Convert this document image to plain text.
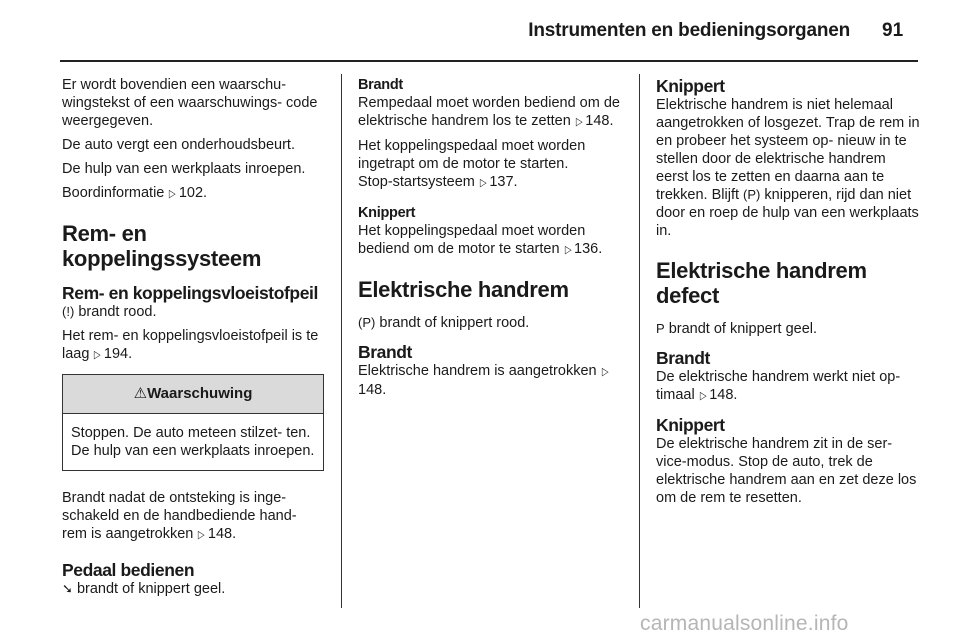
Instrumenten en bedieningsorganen 91

Er wordt bovendien een waarschu- wingstekst of een waarschuwings- code weergegeven.

De auto vergt een onderhoudsbeurt.

De hulp van een werkplaats inroepen.

Boordinformatie ▷ 102.

Rem- en koppelingssysteem
Rem- en koppelingsvloeistofpeil

(!) brandt rood.

Het rem- en koppelingsvloeistofpeil is te laag ▷ 194.

⚠Waarschuwing
Stoppen. De auto meteen stilzet- ten. De hulp van een werkplaats inroepen.

Brandt nadat de ontsteking is inge- schakeld en de handbediende hand- rem is aangetrokken ▷ 148.

Pedaal bedienen

➘ brandt of knippert geel.

Brandt

Rempedaal moet worden bediend om de elektrische handrem los te zetten ▷ 148.

Het koppelingspedaal moet worden ingetrapt om de motor te starten.

Stop-startsysteem ▷ 137.

Knippert

Het koppelingspedaal moet worden bediend om de motor te starten ▷ 136.

Elektrische handrem

(P) brandt of knippert rood.

Brandt

Elektrische handrem is aangetrokken ▷148.

Knippert

Elektrische handrem is niet helemaal aangetrokken of losgezet. Trap de rem in en probeer het systeem op- nieuw in te stellen door de elektrische handrem eerst los te zetten en daarna aan te trekken. Blijft (P) knipperen, rijd dan niet door en roep de hulp van een werkplaats in.

Elektrische handrem defect

P brandt of knippert geel.

Brandt

De elektrische handrem werkt niet op- timaal ▷ 148.

Knippert

De elektrische handrem zit in de ser- vice-modus. Stop de auto, trek de elektrische handrem aan en zet deze los om de rem te resetten.

carmanualsonline.info
